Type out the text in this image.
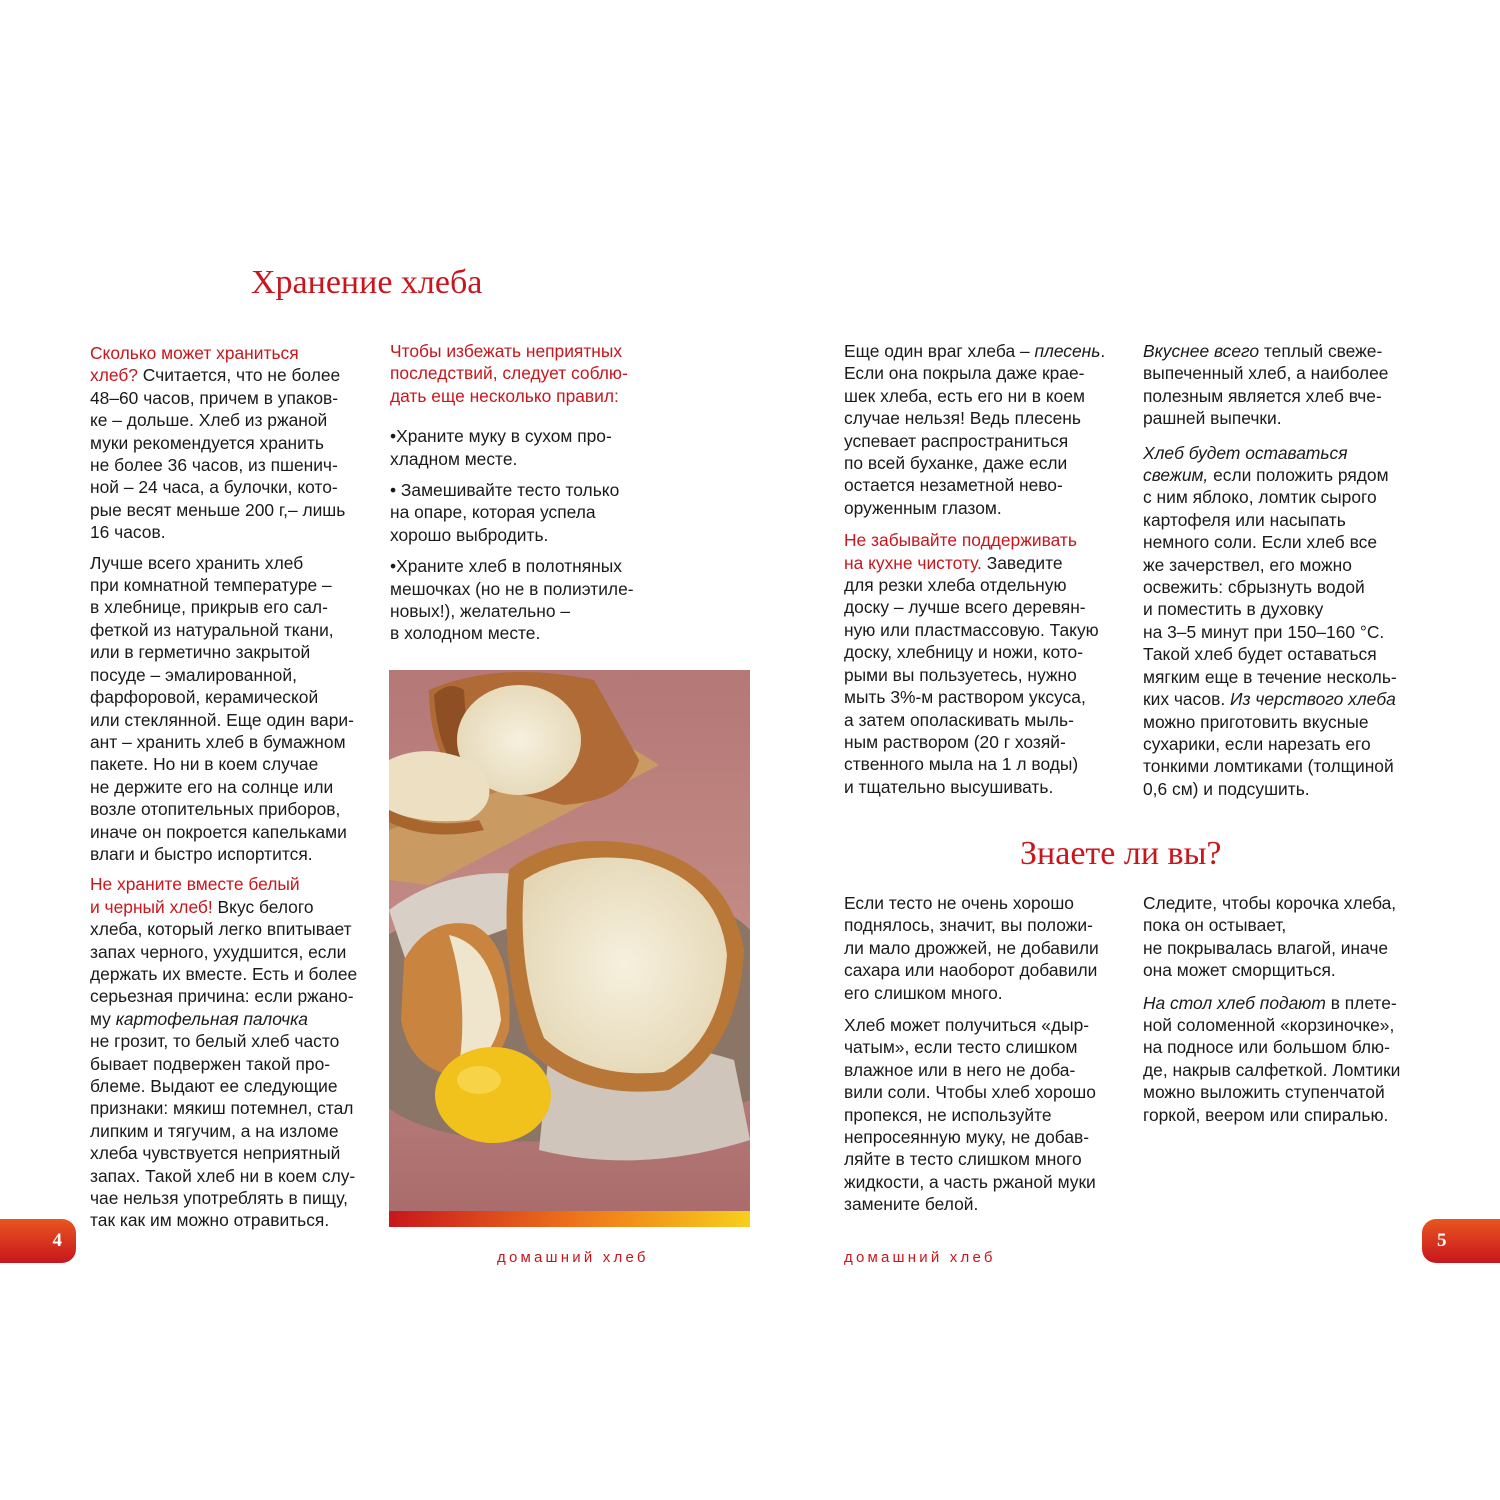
Хранение хлеба

Сколько может храниться
хлеб? Считается, что не более
48–60 часов, причем в упаков-
ке – дольше. Хлеб из ржаной
муки рекомендуется хранить
не более 36 часов, из пшенич-
ной – 24 часа, а булочки, кото-
рые весят меньше 200 г,– лишь
16 часов.

Лучше всего хранить хлеб
при комнатной температуре –
в хлебнице, прикрыв его сал-
феткой из натуральной ткани,
или в герметично закрытой
посуде – эмалированной,
фарфоровой, керамической
или стеклянной. Еще один вари-
ант – хранить хлеб в бумажном
пакете. Но ни в коем случае
не держите его на солнце или
возле отопительных приборов,
иначе он покроется капельками
влаги и быстро испортится.

Не храните вместе белый
и черный хлеб! Вкус белого
хлеба, который легко впитывает
запах черного, ухудшится, если
держать их вместе. Есть и более
серьезная причина: если ржано-
му картофельная палочка
не грозит, то белый хлеб часто
бывает подвержен такой про-
блеме. Выдают ее следующие
признаки: мякиш потемнел, стал
липким и тягучим, а на изломе
хлеба чувствуется неприятный
запах. Такой хлеб ни в коем слу-
чае нельзя употреблять в пищу,
так как им можно отравиться.

Чтобы избежать неприятных
последствий, следует соблю-
дать еще несколько правил:

•Храните муку в сухом про-
хладном месте.

• Замешивайте тесто только
на опаре, которая успела
хорошо выбродить.

•Храните хлеб в полотняных
мешочках (но не в полиэтиле-
новых!), желательно –
в холодном месте.

4
домашний хлеб

Еще один враг хлеба – плесень.
Если она покрыла даже крае-
шек хлеба, есть его ни в коем
случае нельзя! Ведь плесень
успевает распространиться
по всей буханке, даже если
остается незаметной нево-
оруженным глазом.

Не забывайте поддерживать
на кухне чистоту. Заведите
для резки хлеба отдельную
доску – лучше всего деревян-
ную или пластмассовую. Такую
доску, хлебницу и ножи, кото-
рыми вы пользуетесь, нужно
мыть 3%-м раствором уксуса,
а затем ополаскивать мыль-
ным раствором (20 г хозяй-
ственного мыла на 1 л воды)
и тщательно высушивать.

Вкуснее всего теплый свеже-
выпеченный хлеб, а наиболее
полезным является хлеб вче-
рашней выпечки.

Хлеб будет оставаться
свежим, если положить рядом
с ним яблоко, ломтик сырого
картофеля или насыпать
немного соли. Если хлеб все
же зачерствел, его можно
освежить: сбрызнуть водой
и поместить в духовку
на 3–5 минут при 150–160 °C.
Такой хлеб будет оставаться
мягким еще в течение несколь-
ких часов. Из черствого хлеба
можно приготовить вкусные
сухарики, если нарезать его
тонкими ломтиками (толщиной
0,6 см) и подсушить.

Знаете ли вы?

Если тесто не очень хорошо
поднялось, значит, вы положи-
ли мало дрожжей, не добавили
сахара или наоборот добавили
его слишком много.

Хлеб может получиться «дыр-
чатым», если тесто слишком
влажное или в него не доба-
вили соли. Чтобы хлеб хорошо
пропекся, не используйте
непросеянную муку, не добав-
ляйте в тесто слишком много
жидкости, а часть ржаной муки
замените белой.

Следите, чтобы корочка хлеба,
пока он остывает,
не покрывалась влагой, иначе
она может сморщиться.

На стол хлеб подают в плете-
ной соломенной «корзиночке»,
на подносе или большом блю-
де, накрыв салфеткой. Ломтики
можно выложить ступенчатой
горкой, веером или спиралью.

5
домашний хлеб
